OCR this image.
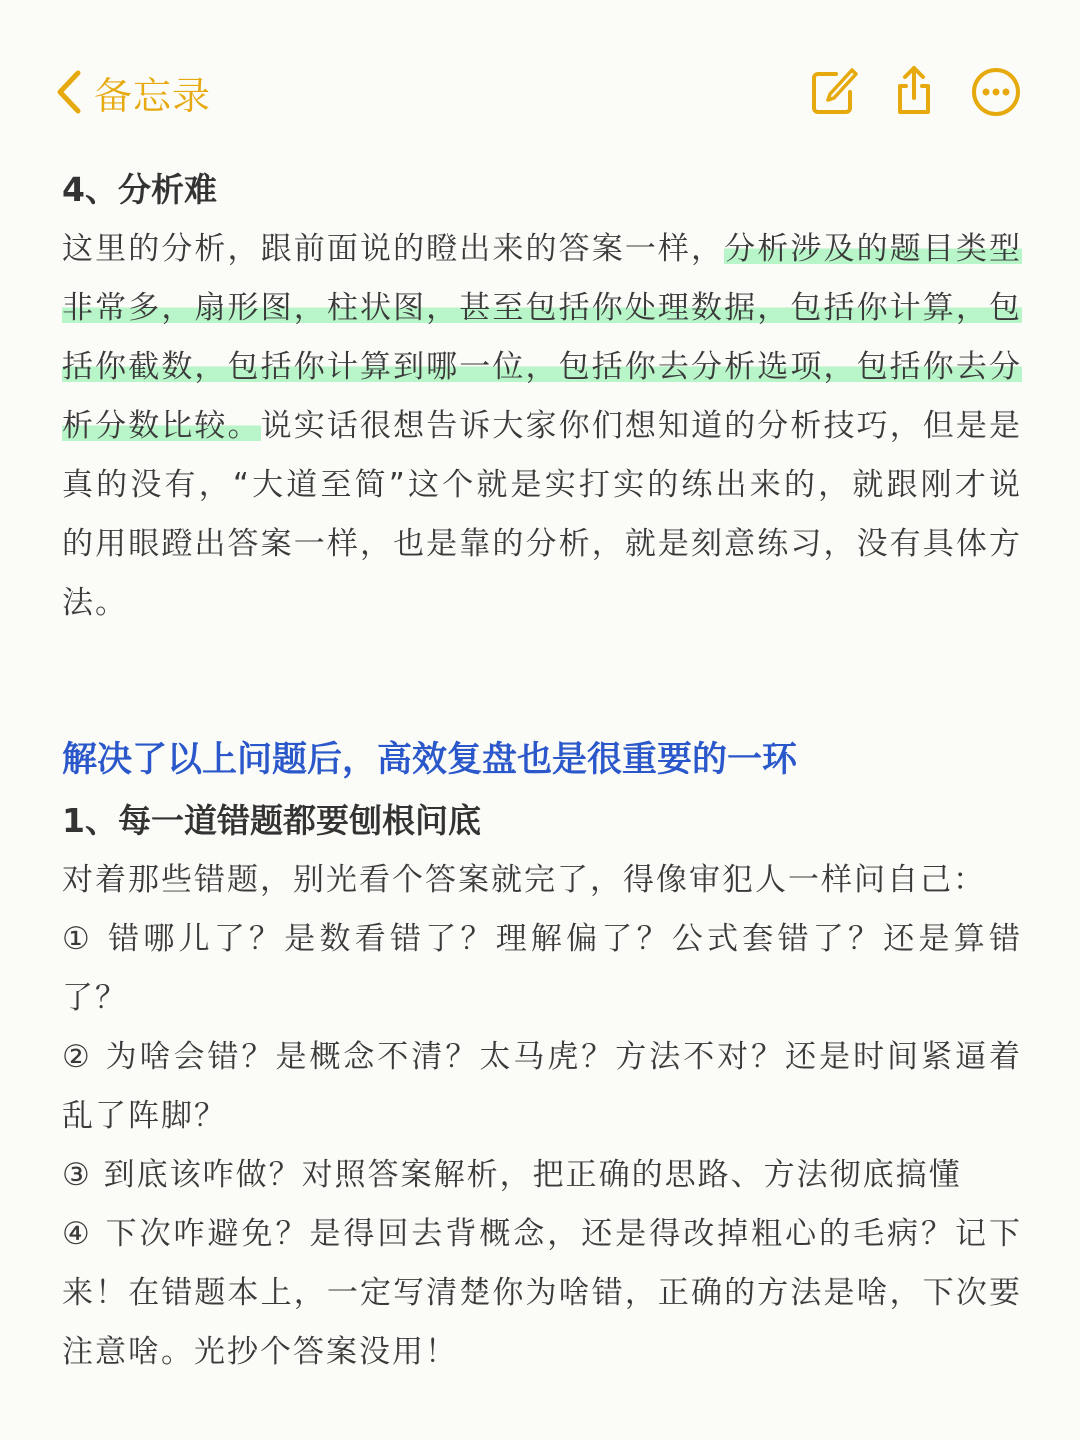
备忘录
4、分析难

这里的分析，跟前面说的瞪出来的答案一样，分析涉及的题目类型非常多，扇形图，柱状图，甚至包括你处理数据，包括你计算，包括你截数，包括你计算到哪一位，包括你去分析选项，包括你去分析分数比较。说实话很想告诉大家你们想知道的分析技巧，但是是真的没有，“大道至简”这个就是实打实的练出来的，就跟刚才说的用眼蹬出答案一样，也是靠的分析，就是刻意练习，没有具体方法。

解决了以上问题后，高效复盘也是很重要的一环
1、每一道错题都要刨根问底

对着那些错题，别光看个答案就完了，得像审犯人一样问自己：

① 错哪儿了？是数看错了？理解偏了？公式套错了？还是算错了？

② 为啥会错？是概念不清？太马虎？方法不对？还是时间紧逼着乱了阵脚？

③ 到底该咋做？对照答案解析，把正确的思路、方法彻底搞懂

④ 下次咋避免？是得回去背概念，还是得改掉粗心的毛病？记下来！在错题本上，一定写清楚你为啥错，正确的方法是啥，下次要注意啥。光抄个答案没用！
